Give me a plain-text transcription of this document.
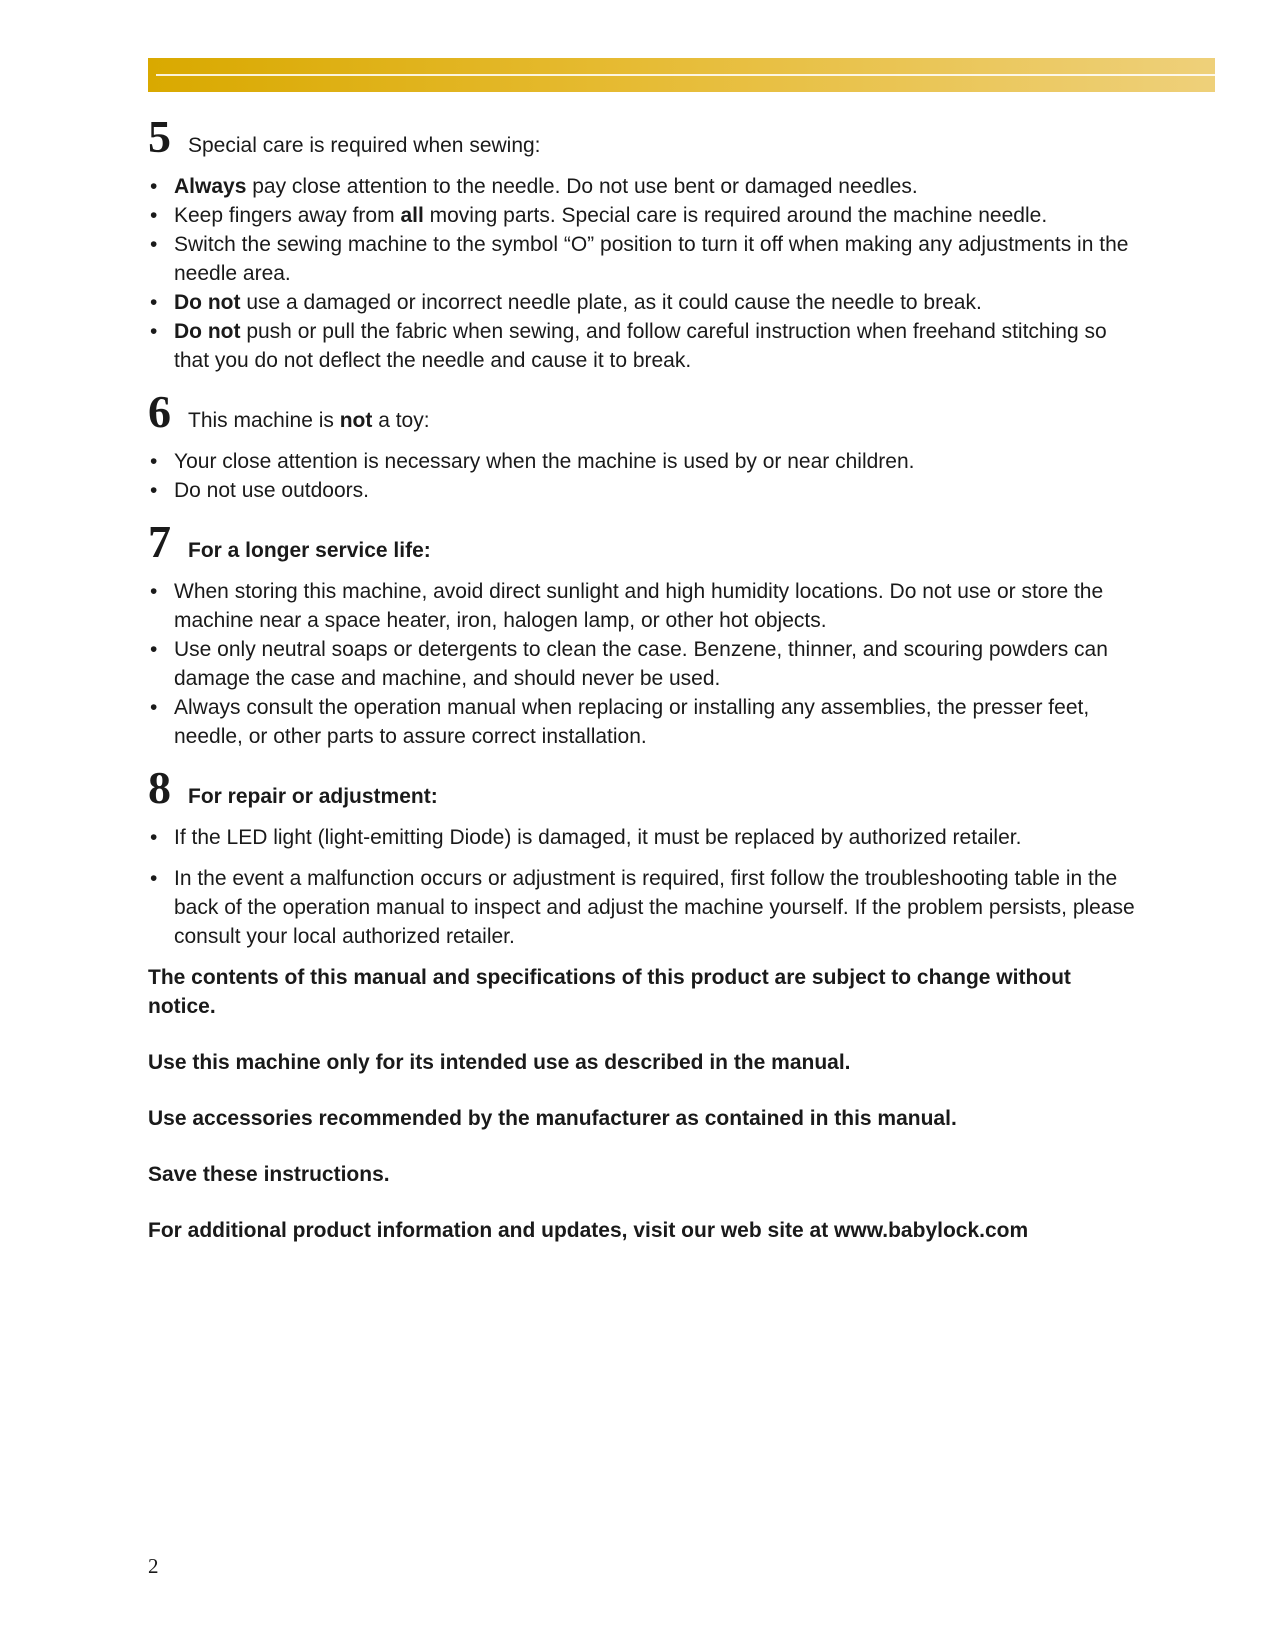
5 Special care is required when sewing:
• Always pay close attention to the needle. Do not use bent or damaged needles.
• Keep fingers away from all moving parts. Special care is required around the machine needle.
• Switch the sewing machine to the symbol “O” position to turn it off when making any adjustments in the needle area.
• Do not use a damaged or incorrect needle plate, as it could cause the needle to break.
• Do not push or pull the fabric when sewing, and follow careful instruction when freehand stitching so that you do not deflect the needle and cause it to break.
6 This machine is not a toy:
• Your close attention is necessary when the machine is used by or near children.
• Do not use outdoors.
7 For a longer service life:
• When storing this machine, avoid direct sunlight and high humidity locations. Do not use or store the machine near a space heater, iron, halogen lamp, or other hot objects.
• Use only neutral soaps or detergents to clean the case. Benzene, thinner, and scouring powders can damage the case and machine, and should never be used.
• Always consult the operation manual when replacing or installing any assemblies, the presser feet, needle, or other parts to assure correct installation.
8 For repair or adjustment:
• If the LED light (light-emitting Diode) is damaged, it must be replaced by authorized retailer.
• In the event a malfunction occurs or adjustment is required, first follow the troubleshooting table in the back of the operation manual to inspect and adjust the machine yourself. If the problem persists, please consult your local authorized retailer.

The contents of this manual and specifications of this product are subject to change without notice.

Use this machine only for its intended use as described in the manual.

Use accessories recommended by the manufacturer as contained in this manual.

Save these instructions.

For additional product information and updates, visit our web site at www.babylock.com

2
